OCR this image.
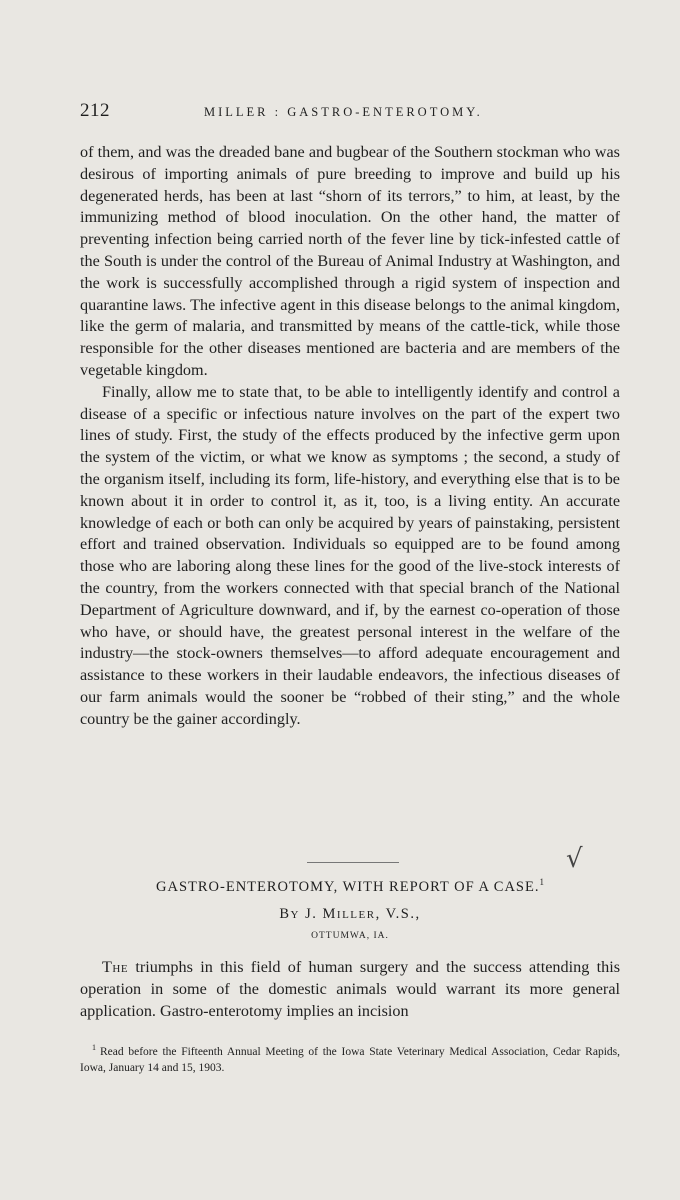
212	MILLER : GASTRO-ENTEROTOMY.

of them, and was the dreaded bane and bugbear of the Southern stockman who was desirous of importing animals of pure breeding to improve and build up his degenerated herds, has been at last “shorn of its terrors,” to him, at least, by the immunizing method of blood inoculation. On the other hand, the matter of preventing infection being carried north of the fever line by tick-infested cattle of the South is under the control of the Bureau of Animal Industry at Washington, and the work is successfully accomplished through a rigid system of inspection and quarantine laws. The infective agent in this disease belongs to the animal kingdom, like the germ of malaria, and transmitted by means of the cattle-tick, while those responsible for the other diseases mentioned are bacteria and are members of the vegetable kingdom.

Finally, allow me to state that, to be able to intelligently identify and control a disease of a specific or infectious nature involves on the part of the expert two lines of study. First, the study of the effects produced by the infective germ upon the system of the victim, or what we know as symptoms ; the second, a study of the organism itself, including its form, life-history, and everything else that is to be known about it in order to control it, as it, too, is a living entity. An accurate knowledge of each or both can only be acquired by years of painstaking, persistent effort and trained observation. Individuals so equipped are to be found among those who are laboring along these lines for the good of the live-stock interests of the country, from the workers connected with that special branch of the National Department of Agriculture downward, and if, by the earnest co-operation of those who have, or should have, the greatest personal interest in the welfare of the industry—the stock-owners themselves—to afford adequate encouragement and assistance to these workers in their laudable endeavors, the infectious diseases of our farm animals would the sooner be “robbed of their sting,” and the whole country be the gainer accordingly.

√
GASTRO-ENTEROTOMY, WITH REPORT OF A CASE.$^1$
BY J. MILLER, V.S.,
OTTUMWA, IA.
The triumphs in this field of human surgery and the success attending this operation in some of the domestic animals would warrant its more general application. Gastro-enterotomy implies an incision
$^1$ Read before the Fifteenth Annual Meeting of the Iowa State Veterinary Medical Association, Cedar Rapids, Iowa, January 14 and 15, 1903.
